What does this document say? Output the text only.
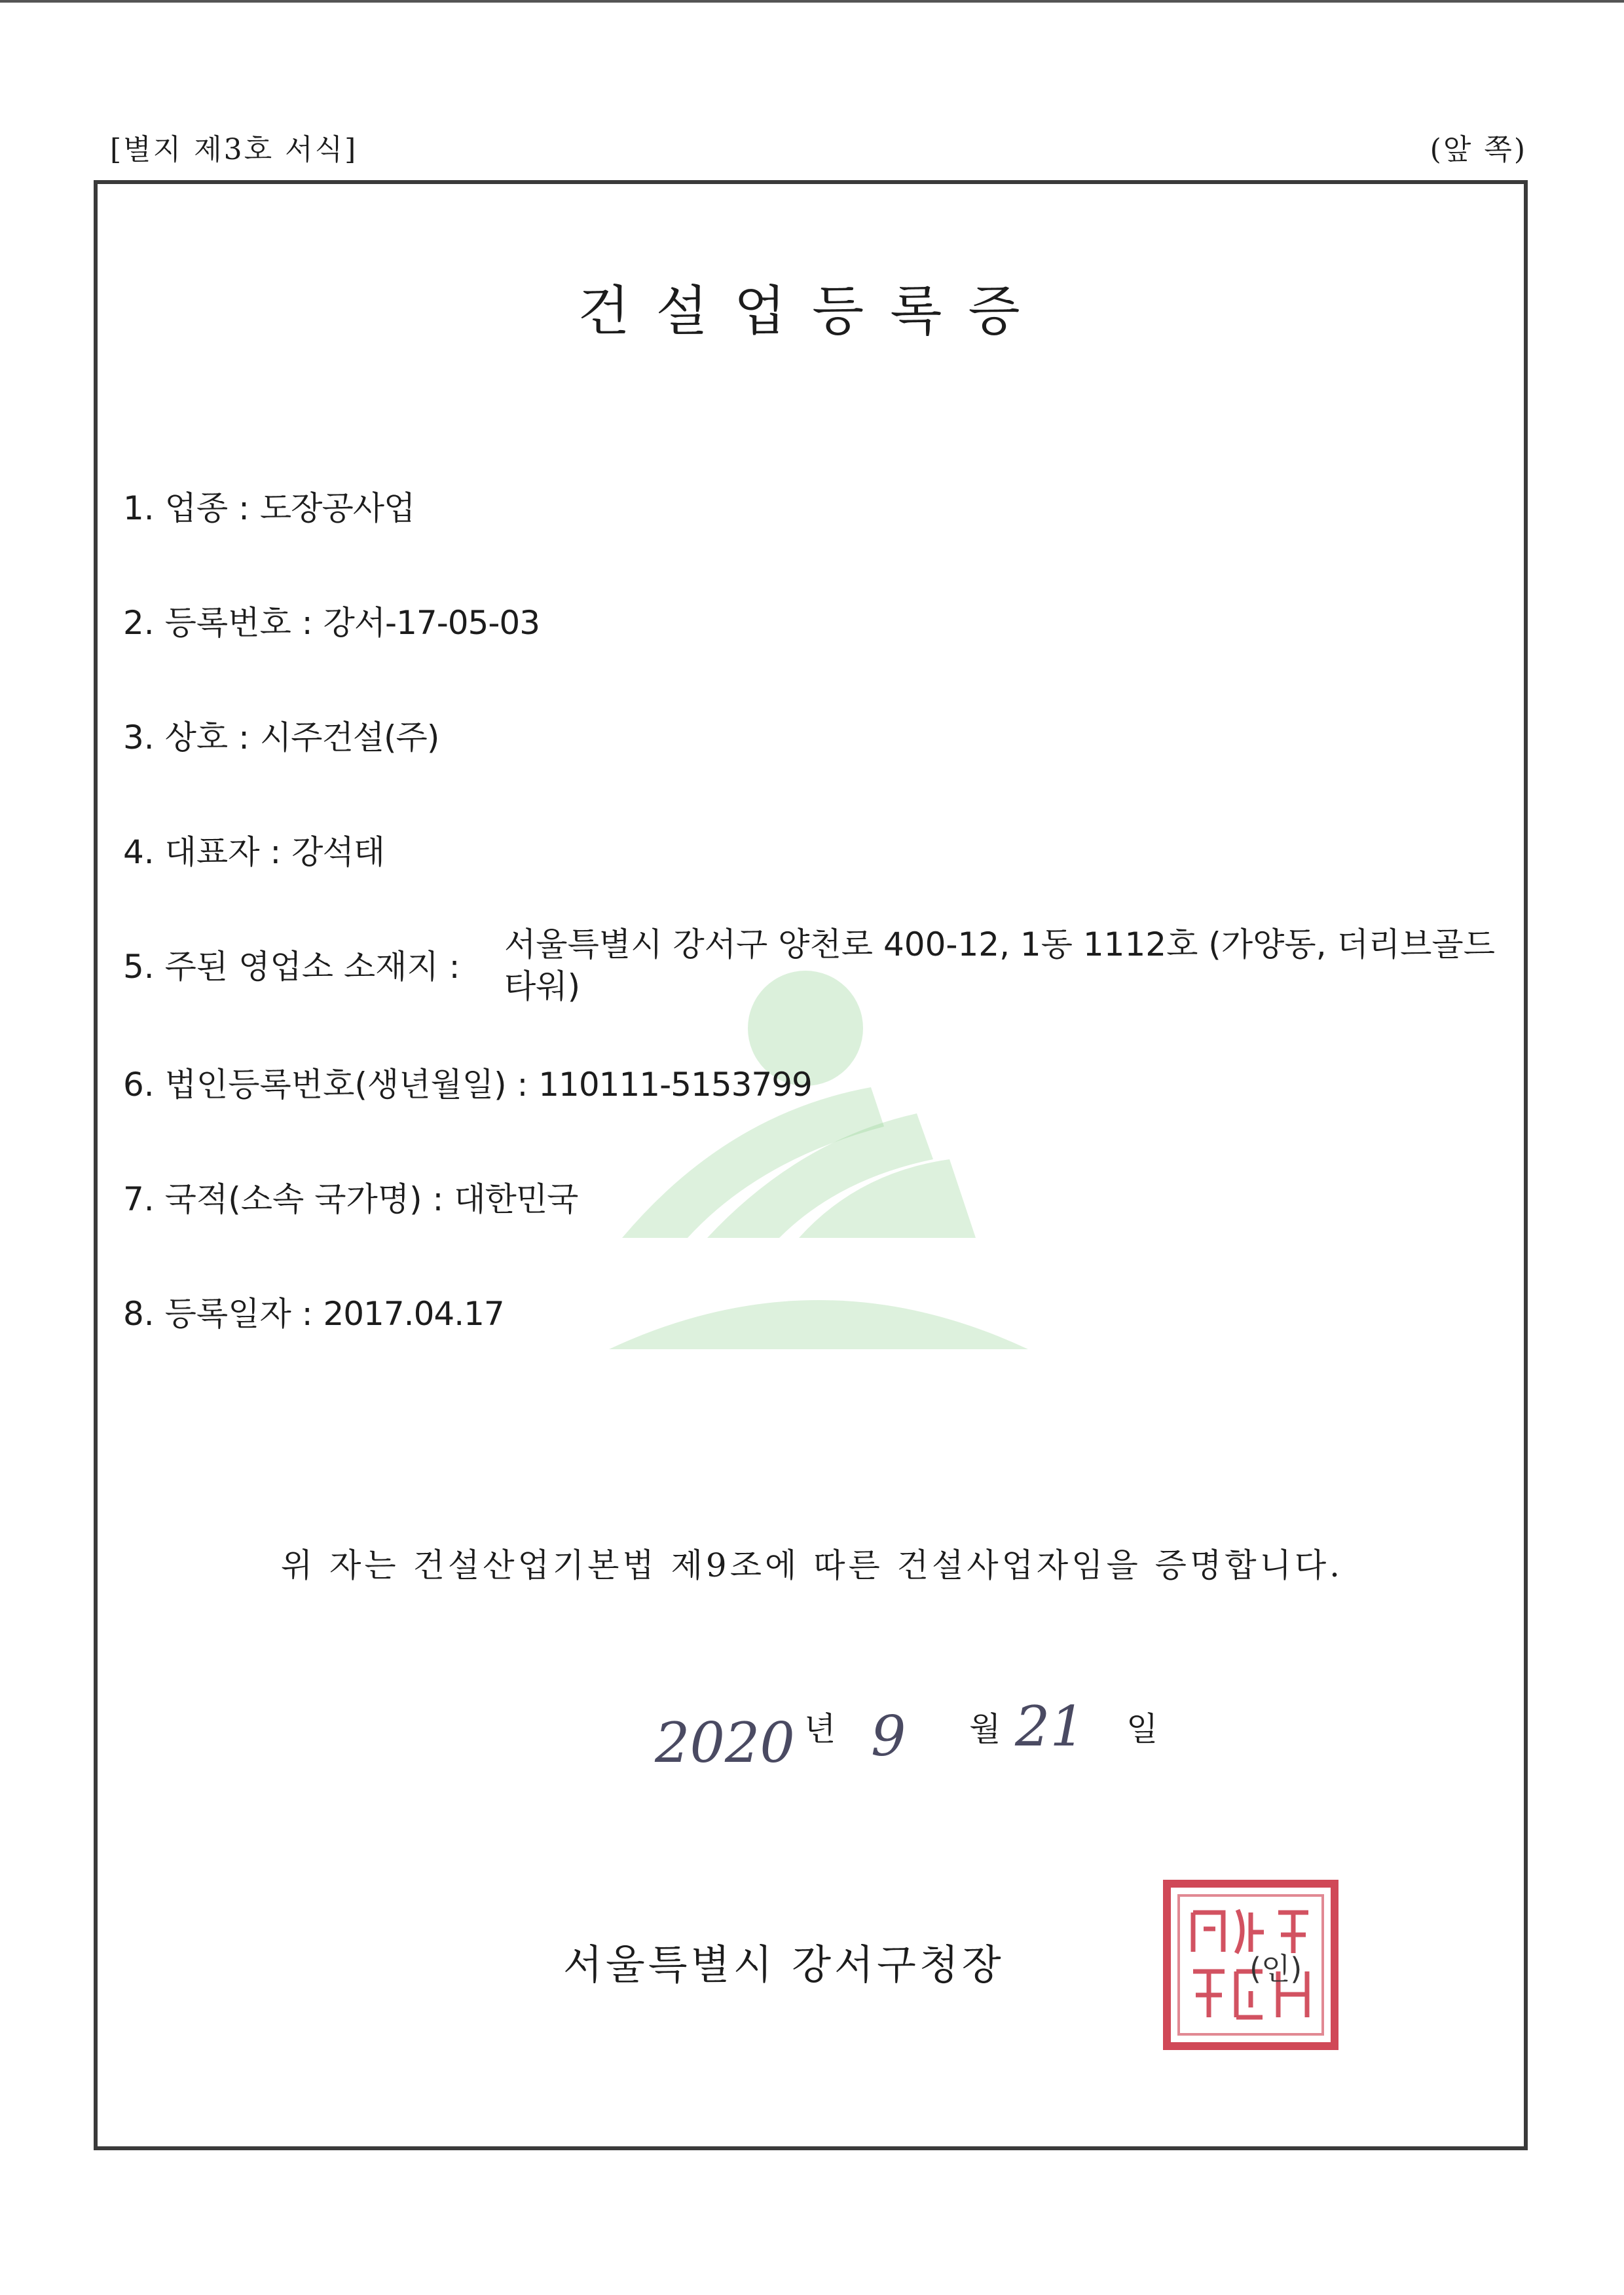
[별지 제3호 서식]	(앞 쪽)
건설업등록증
1. 업종 : 도장공사업
2. 등록번호 : 강서-17-05-03
3. 상호 : 시주건설(주)
4. 대표자 : 강석태
5. 주된 영업소 소재지 :
서울특별시 강서구 양천로 400-12, 1동 1112호 (가양동, 더리브골드타워)
6. 법인등록번호(생년월일) : 110111-5153799
7. 국적(소속 국가명) : 대한민국
8. 등록일자 : 2017.04.17
위 자는 건설산업기본법 제9조에 따른 건설사업자임을 증명합니다.
2020 9 21
년	월	일
서울특별시 강서구청장	(인)
